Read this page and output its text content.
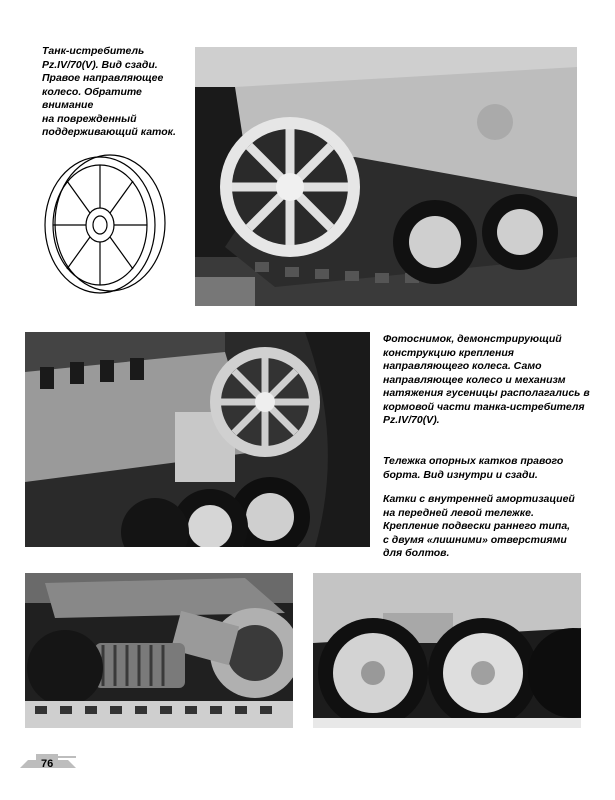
Танк-истребитель
Pz.IV/70(V). Вид сзади.
Правое направляющее
колесо. Обратите внимание
на поврежденный
поддерживающий каток.
Фотоснимок, демонстрирующий
конструкцию крепления
направляющего колеса. Само
направляющее колесо и механизм
натяжения гусеницы располагались в
кормовой части танка-истребителя
Pz.IV/70(V).
Тележка опорных катков правого
борта. Вид изнутри и сзади.
Катки с внутренней амортизацией
на передней левой тележке.
Крепление подвески раннего типа,
с двумя «лишними» отверстиями
для болтов.
76
